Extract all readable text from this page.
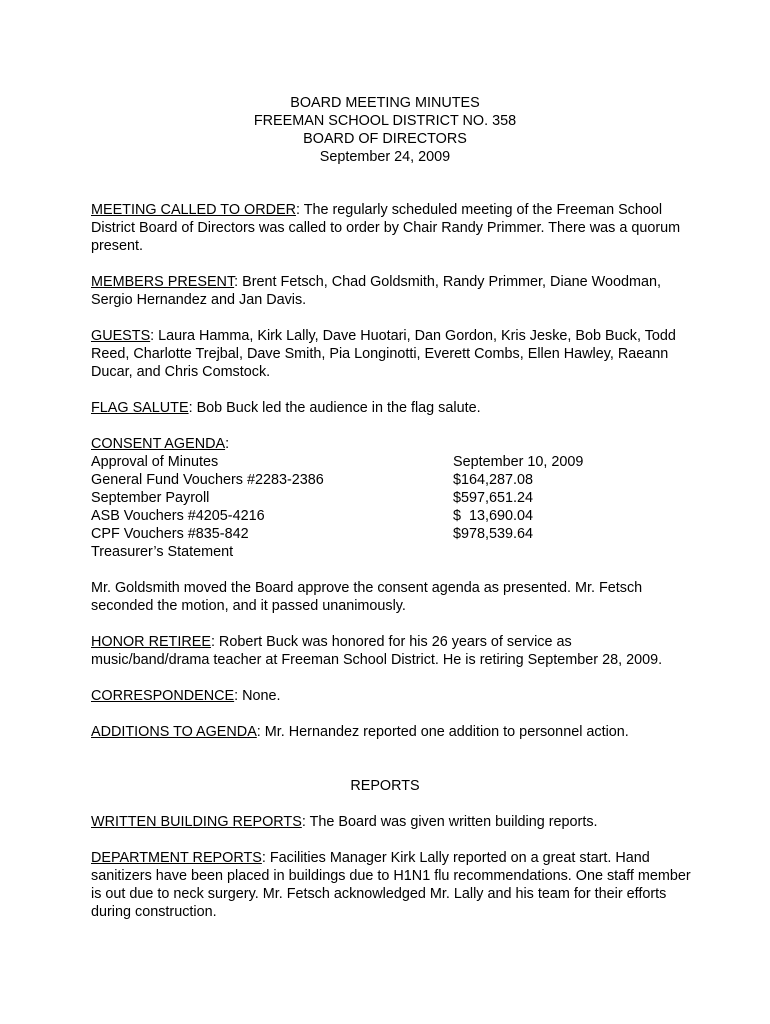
BOARD MEETING MINUTES
FREEMAN SCHOOL DISTRICT NO. 358
BOARD OF DIRECTORS
September 24, 2009

MEETING CALLED TO ORDER: The regularly scheduled meeting of the Freeman School District Board of Directors was called to order by Chair Randy Primmer. There was a quorum present.

MEMBERS PRESENT: Brent Fetsch, Chad Goldsmith, Randy Primmer, Diane Woodman, Sergio Hernandez and Jan Davis.

GUESTS: Laura Hamma, Kirk Lally, Dave Huotari, Dan Gordon, Kris Jeske, Bob Buck, Todd Reed, Charlotte Trejbal, Dave Smith, Pia Longinotti, Everett Combs, Ellen Hawley, Raeann Ducar, and Chris Comstock.

FLAG SALUTE: Bob Buck led the audience in the flag salute.

CONSENT AGENDA:
Approval of Minutes	September 10, 2009
General Fund Vouchers #2283-2386	$164,287.08
September Payroll	$597,651.24
ASB Vouchers #4205-4216	$  13,690.04
CPF Vouchers #835-842	$978,539.64
Treasurer’s Statement

Mr. Goldsmith moved the Board approve the consent agenda as presented. Mr. Fetsch seconded the motion, and it passed unanimously.

HONOR RETIREE: Robert Buck was honored for his 26 years of service as music/band/drama teacher at Freeman School District. He is retiring September 28, 2009.

CORRESPONDENCE: None.

ADDITIONS TO AGENDA: Mr. Hernandez reported one addition to personnel action.

REPORTS

WRITTEN BUILDING REPORTS: The Board was given written building reports.

DEPARTMENT REPORTS: Facilities Manager Kirk Lally reported on a great start. Hand sanitizers have been placed in buildings due to H1N1 flu recommendations. One staff member is out due to neck surgery. Mr. Fetsch acknowledged Mr. Lally and his team for their efforts during construction.
